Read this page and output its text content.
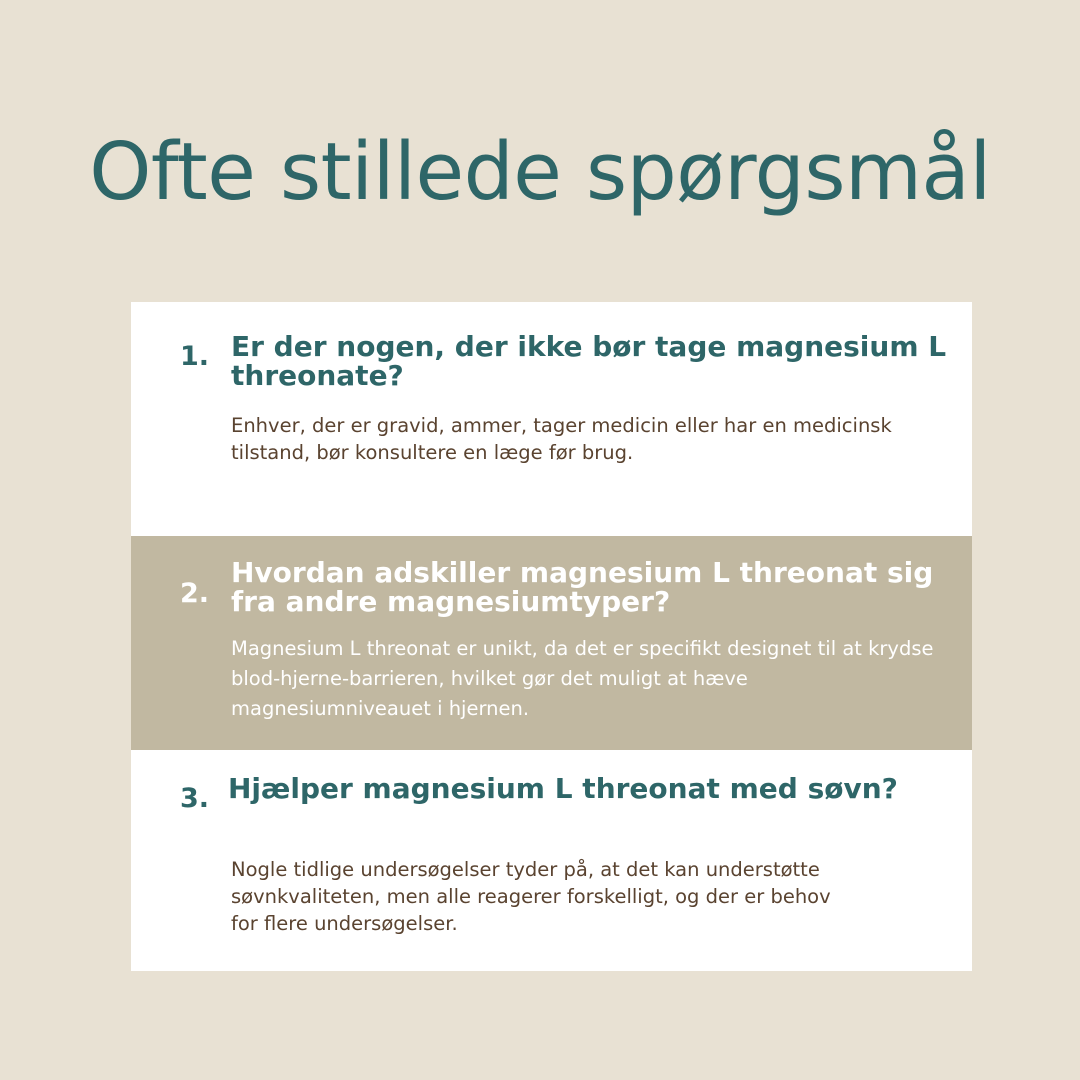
Ofte stillede spørgsmål
1. Er der nogen, der ikke bør tage magnesium L threonate?

Enhver, der er gravid, ammer, tager medicin eller har en medicinsk tilstand, bør konsultere en læge før brug.

2.
Hvordan adskiller magnesium L threonat sig fra andre magnesiumtyper?

Magnesium L threonat er unikt, da det er specifikt designet til at krydse blod-hjerne-barrieren, hvilket gør det muligt at hæve magnesiumniveauet i hjernen.

3. Hjælper magnesium L threonat med søvn?

Nogle tidlige undersøgelser tyder på, at det kan understøtte søvnkvaliteten, men alle reagerer forskelligt, og der er behov for flere undersøgelser.
